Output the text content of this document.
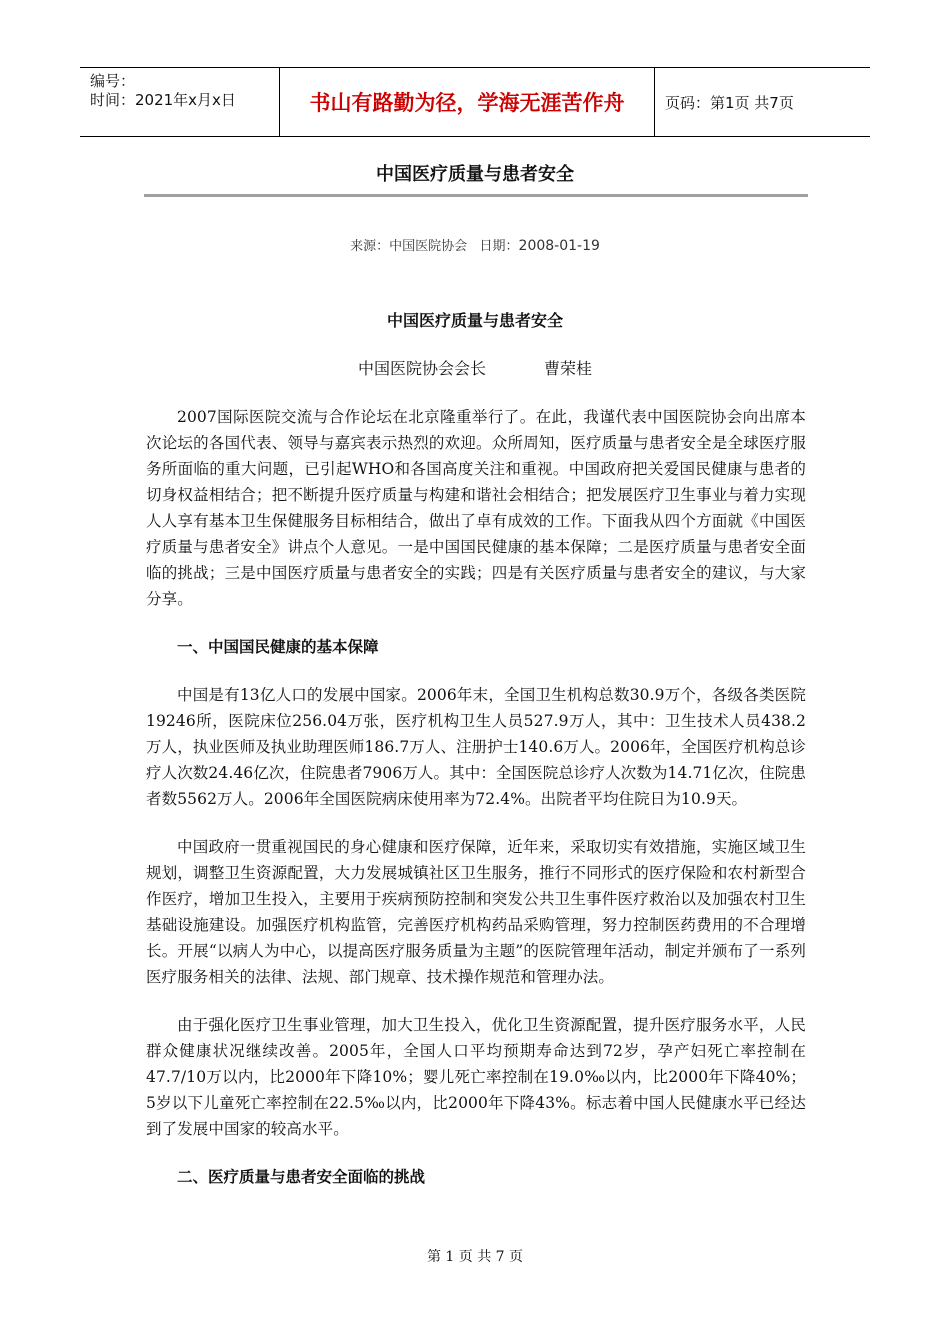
编号：
时间：2021年x月x日	书山有路勤为径，学海无涯苦作舟	页码：第1页 共7页
中国医疗质量与患者安全
来源：中国医院协会 日期：2008-01-19
中国医疗质量与患者安全
中国医院协会会长	曹荣桂

2007国际医院交流与合作论坛在北京隆重举行了。在此，我谨代表中国医院协会向出席本次论坛的各国代表、领导与嘉宾表示热烈的欢迎。众所周知，医疗质量与患者安全是全球医疗服务所面临的重大问题，已引起WHO和各国高度关注和重视。中国政府把关爱国民健康与患者的切身权益相结合；把不断提升医疗质量与构建和谐社会相结合；把发展医疗卫生事业与着力实现人人享有基本卫生保健服务目标相结合，做出了卓有成效的工作。下面我从四个方面就《中国医疗质量与患者安全》讲点个人意见。一是中国国民健康的基本保障；二是医疗质量与患者安全面临的挑战；三是中国医疗质量与患者安全的实践；四是有关医疗质量与患者安全的建议，与大家分享。

一、中国国民健康的基本保障

中国是有13亿人口的发展中国家。2006年末，全国卫生机构总数30.9万个，各级各类医院19246所，医院床位256.04万张，医疗机构卫生人员527.9万人，其中：卫生技术人员438.2万人，执业医师及执业助理医师186.7万人、注册护士140.6万人。2006年，全国医疗机构总诊疗人次数24.46亿次，住院患者7906万人。其中：全国医院总诊疗人次数为14.71亿次，住院患者数5562万人。2006年全国医院病床使用率为72.4%。出院者平均住院日为10.9天。

中国政府一贯重视国民的身心健康和医疗保障，近年来，采取切实有效措施，实施区域卫生规划，调整卫生资源配置，大力发展城镇社区卫生服务，推行不同形式的医疗保险和农村新型合作医疗，增加卫生投入，主要用于疾病预防控制和突发公共卫生事件医疗救治以及加强农村卫生基础设施建设。加强医疗机构监管，完善医疗机构药品采购管理，努力控制医药费用的不合理增长。开展“以病人为中心，以提高医疗服务质量为主题”的医院管理年活动，制定并颁布了一系列医疗服务相关的法律、法规、部门规章、技术操作规范和管理办法。

由于强化医疗卫生事业管理，加大卫生投入，优化卫生资源配置，提升医疗服务水平，人民群众健康状况继续改善。2005年，全国人口平均预期寿命达到72岁，孕产妇死亡率控制在47.7/10万以内，比2000年下降10%；婴儿死亡率控制在19.0‰以内，比2000年下降40%；5岁以下儿童死亡率控制在22.5‰以内，比2000年下降43%。标志着中国人民健康水平已经达到了发展中国家的较高水平。

二、医疗质量与患者安全面临的挑战

第 1 页 共 7 页
